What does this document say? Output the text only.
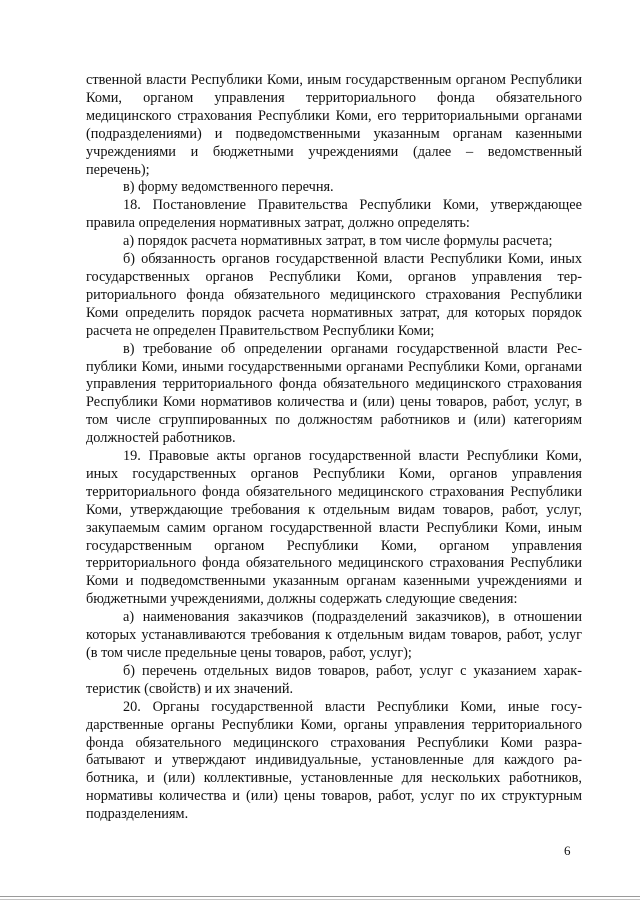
ственной власти Республики Коми, иным государственным органом Республики Коми, органом управления территориального фонда обязательного медицинского страхования Республики Коми, его территориальными органами (подразделениями) и подведомственными указанным органам казенными учреждениями и бюджетными учреждениями (далее – ведомственный перечень);

в) форму ведомственного перечня.

18. Постановление Правительства Республики Коми, утверждающее правила определения нормативных затрат, должно определять:

а) порядок расчета нормативных затрат, в том числе формулы расчета;

б) обязанность органов государственной власти Республики Коми, иных государственных органов Республики Коми, органов управления территориального фонда обязательного медицинского страхования Республики Коми определить порядок расчета нормативных затрат, для которых порядок расчета не определен Правительством Республики Коми;

в) требование об определении органами государственной власти Республики Коми, иными государственными органами Республики Коми, органами управления территориального фонда обязательного медицинского страхования Республики Коми нормативов количества и (или) цены товаров, работ, услуг, в том числе сгруппированных по должностям работников и (или) категориям должностей работников.

19. Правовые акты органов государственной власти Республики Коми, иных государственных органов Республики Коми, органов управления территориального фонда обязательного медицинского страхования Республики Коми, утверждающие требования к отдельным видам товаров, работ, услуг, закупаемым самим органом государственной власти Республики Коми, иным государственным органом Республики Коми, органом управления территориального фонда обязательного медицинского страхования Республики Коми и подведомственными указанным органам казенными учреждениями и бюджетными учреждениями, должны содержать следующие сведения:

а) наименования заказчиков (подразделений заказчиков), в отношении которых устанавливаются требования к отдельным видам товаров, работ, услуг (в том числе предельные цены товаров, работ, услуг);

б) перечень отдельных видов товаров, работ, услуг с указанием характеристик (свойств) и их значений.

20. Органы государственной власти Республики Коми, иные государственные органы Республики Коми, органы управления территориального фонда обязательного медицинского страхования Республики Коми разрабатывают и утверждают индивидуальные, установленные для каждого работника, и (или) коллективные, установленные для нескольких работников, нормативы количества и (или) цены товаров, работ, услуг по их структурным подразделениям.

6
